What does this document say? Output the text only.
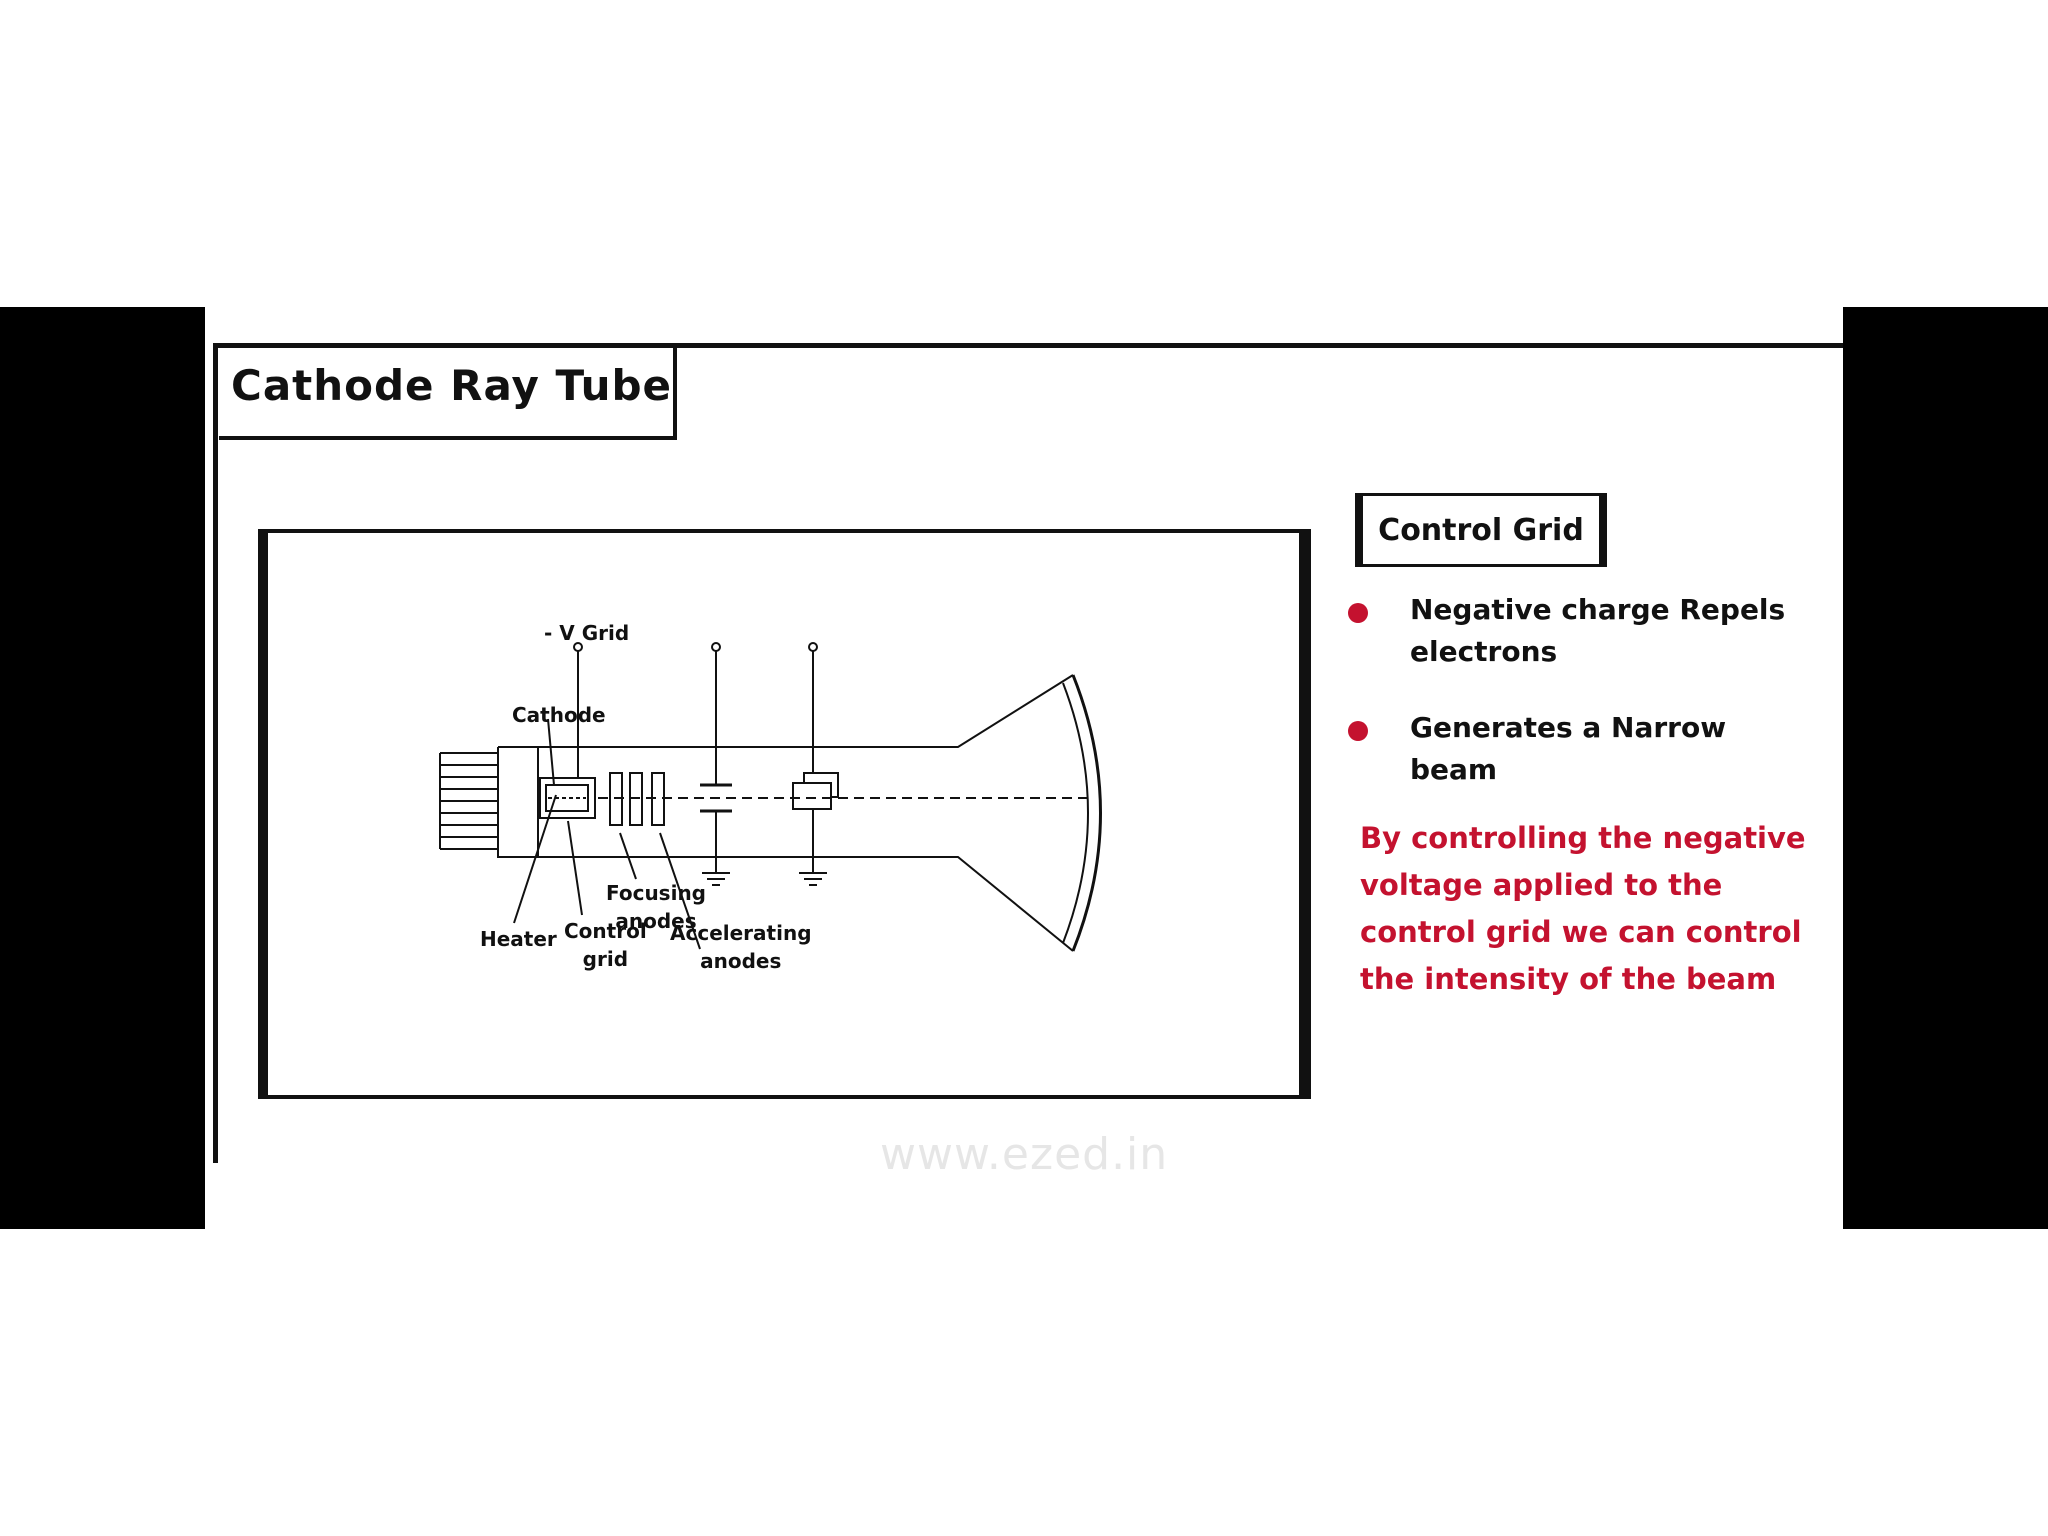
Cathode Ray Tube
- V Grid
Cathode
Heater Control
grid
Focusing
anodes
Accelerating
anodes
Control Grid
Negative charge Repels electrons
Generates a Narrow beam
By controlling the negative voltage applied to the control grid we can control the intensity of the beam
www.ezed.in
